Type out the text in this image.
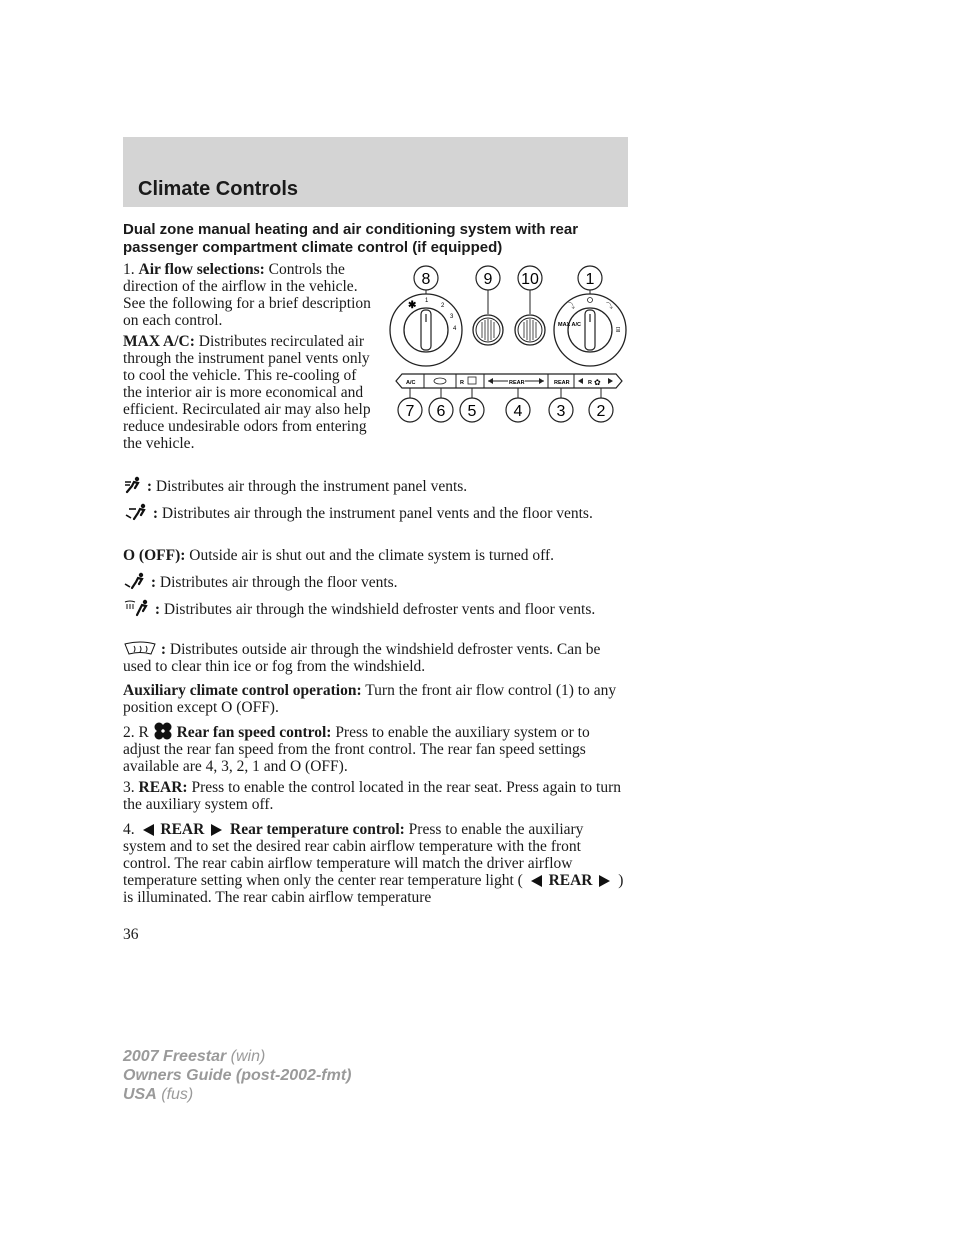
Climate Controls

Dual zone manual heating and air conditioning system with rear passenger compartment climate control (if equipped)

1. Air flow selections: Controls the direction of the airflow in the vehicle. See the following for a brief description on each control.

MAX A/C: Distributes recirculated air through the instrument panel vents only to cool the vehicle. This re-cooling of the interior air is more economical and efficient. Recirculated air may also help reduce undesirable odors from entering the vehicle.

8	9 10	1
✱ 1
2
3
4
MAX A/C
⤵	⤵
⌸
A/C	R	REAR	REAR	R ✿
7 6 5 4 3 2

: Distributes air through the instrument panel vents.

: Distributes air through the instrument panel vents and the floor vents.

O (OFF): Outside air is shut out and the climate system is turned off.

: Distributes air through the floor vents.

: Distributes air through the windshield defroster vents and floor vents.

: Distributes outside air through the windshield defroster vents. Can be used to clear thin ice or fog from the windshield.

Auxiliary climate control operation: Turn the front air flow control (1) to any position except O (OFF).

2. R Rear fan speed control: Press to enable the auxiliary system or to adjust the rear fan speed from the front control. The rear fan speed settings available are 4, 3, 2, 1 and O (OFF).

3. REAR: Press to enable the control located in the rear seat. Press again to turn the auxiliary system off.

4. REAR Rear temperature control: Press to enable the auxiliary system and to set the desired rear cabin airflow temperature with the front control. The rear cabin airflow temperature will match the driver airflow temperature setting when only the center rear temperature light ( REAR ) is illuminated. The rear cabin airflow temperature

36
2007 Freestar (win)
Owners Guide (post-2002-fmt)
USA (fus)
